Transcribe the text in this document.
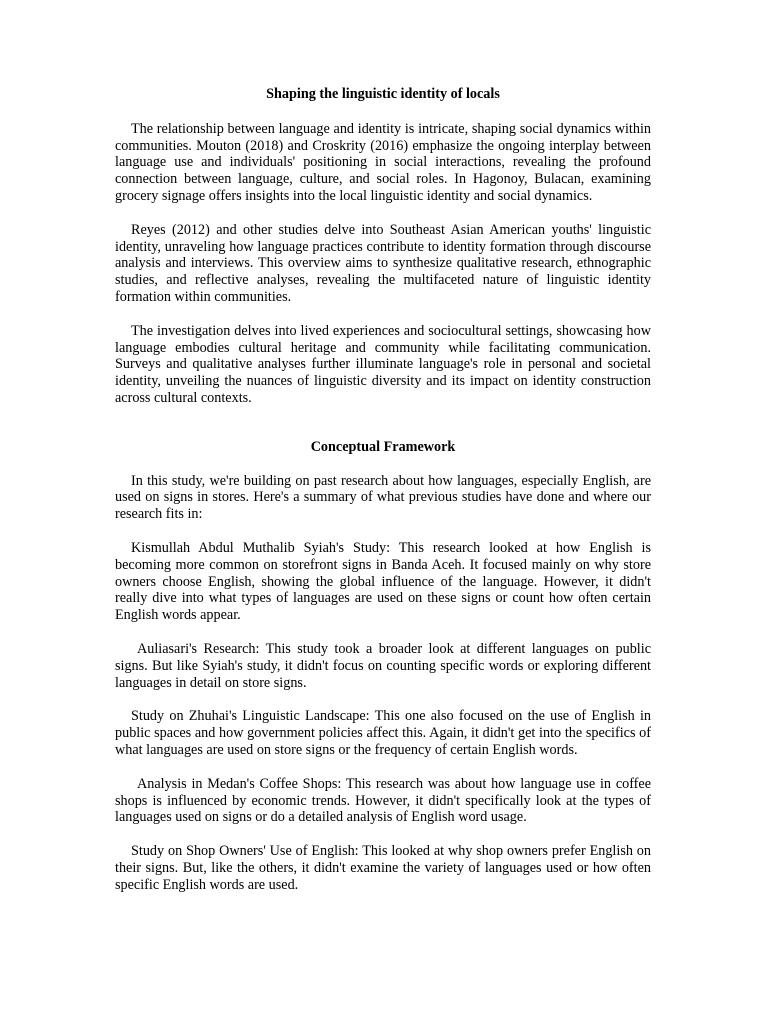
Shaping the linguistic identity of locals

The relationship between language and identity is intricate, shaping social dynamics within communities. Mouton (2018) and Croskrity (2016) emphasize the ongoing interplay between language use and individuals' positioning in social interactions, revealing the profound connection between language, culture, and social roles. In Hagonoy, Bulacan, examining grocery signage offers insights into the local linguistic identity and social dynamics.

Reyes (2012) and other studies delve into Southeast Asian American youths' linguistic identity, unraveling how language practices contribute to identity formation through discourse analysis and interviews. This overview aims to synthesize qualitative research, ethnographic studies, and reflective analyses, revealing the multifaceted nature of linguistic identity formation within communities.

The investigation delves into lived experiences and sociocultural settings, showcasing how language embodies cultural heritage and community while facilitating communication. Surveys and qualitative analyses further illuminate language's role in personal and societal identity, unveiling the nuances of linguistic diversity and its impact on identity construction across cultural contexts.

Conceptual Framework

In this study, we're building on past research about how languages, especially English, are used on signs in stores. Here's a summary of what previous studies have done and where our research fits in:

Kismullah Abdul Muthalib Syiah's Study: This research looked at how English is becoming more common on storefront signs in Banda Aceh. It focused mainly on why store owners choose English, showing the global influence of the language. However, it didn't really dive into what types of languages are used on these signs or count how often certain English words appear.

Auliasari's Research: This study took a broader look at different languages on public signs. But like Syiah's study, it didn't focus on counting specific words or exploring different languages in detail on store signs.

Study on Zhuhai's Linguistic Landscape: This one also focused on the use of English in public spaces and how government policies affect this. Again, it didn't get into the specifics of what languages are used on store signs or the frequency of certain English words.

Analysis in Medan's Coffee Shops: This research was about how language use in coffee shops is influenced by economic trends. However, it didn't specifically look at the types of languages used on signs or do a detailed analysis of English word usage.

Study on Shop Owners' Use of English: This looked at why shop owners prefer English on their signs. But, like the others, it didn't examine the variety of languages used or how often specific English words are used.
